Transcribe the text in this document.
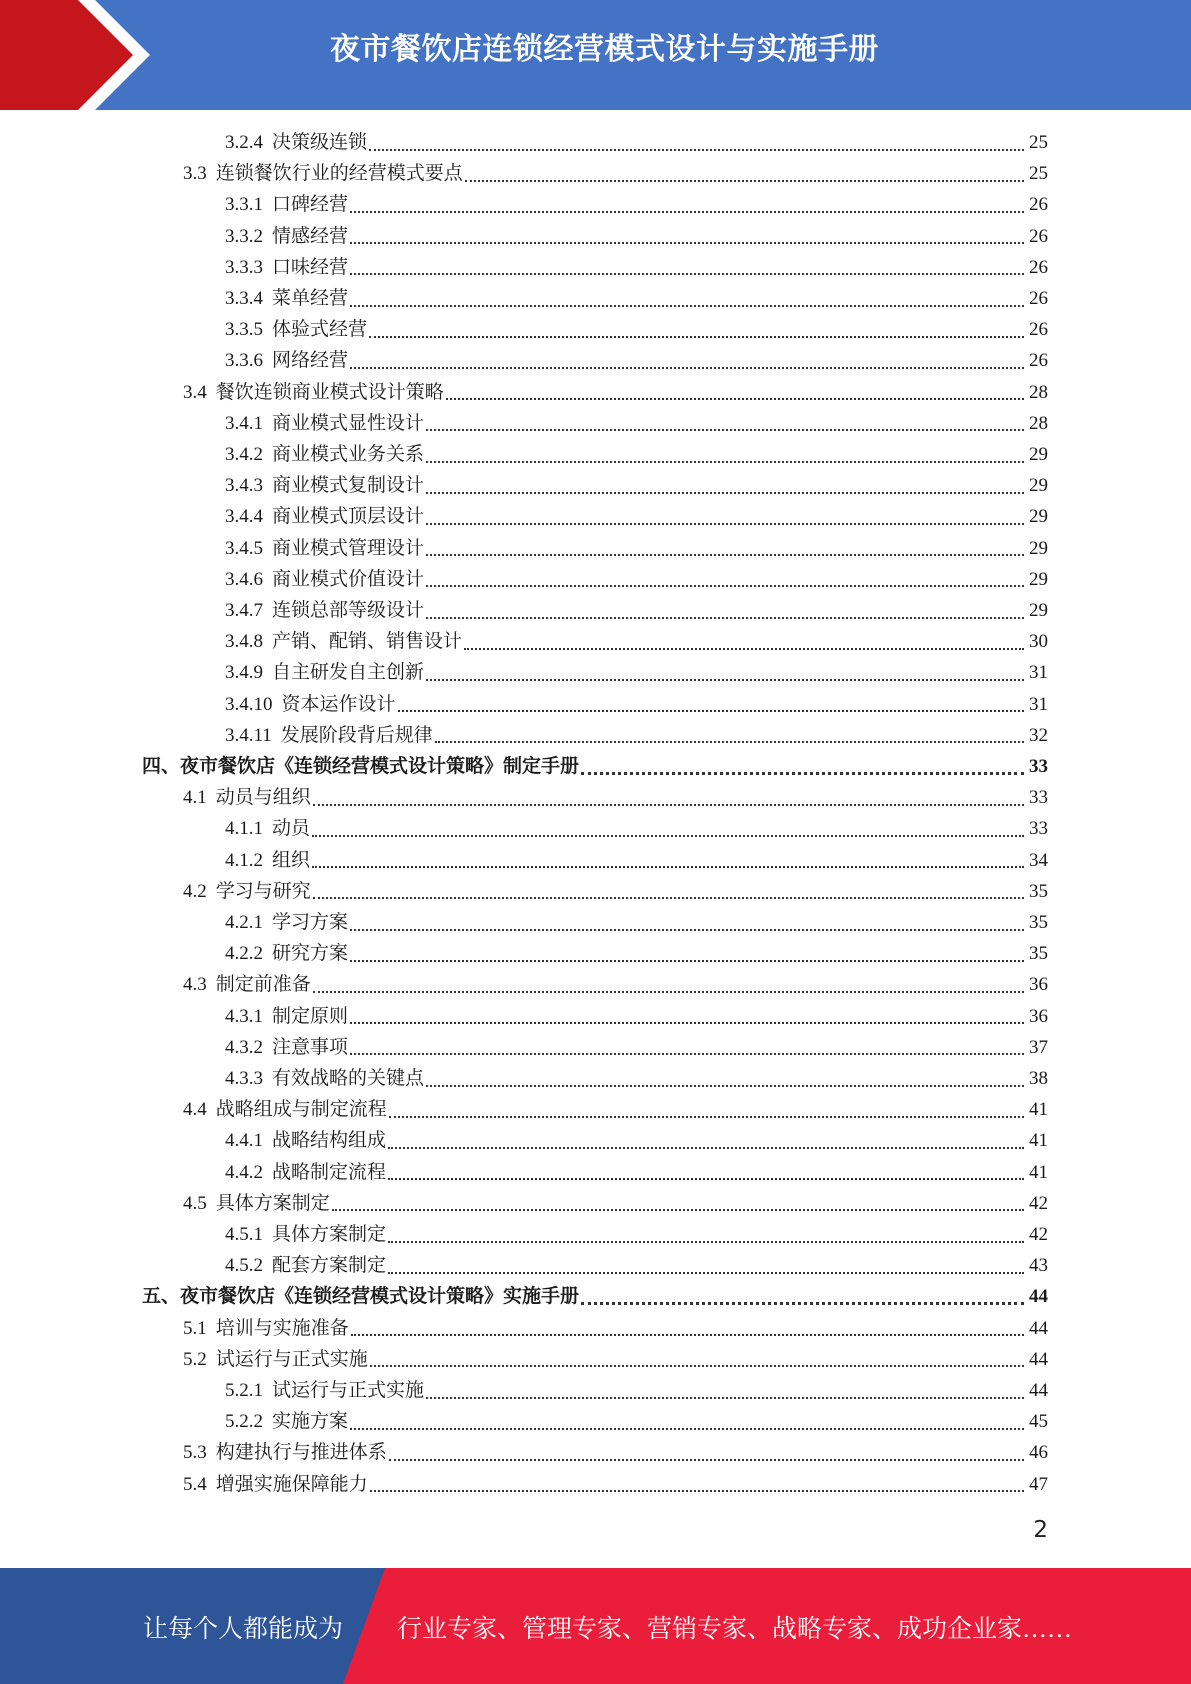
夜市餐饮店连锁经营模式设计与实施手册
3.2.4 决策级连锁	25
3.3 连锁餐饮行业的经营模式要点	25
3.3.1 口碑经营	26
3.3.2 情感经营	26
3.3.3 口味经营	26
3.3.4 菜单经营	26
3.3.5 体验式经营	26
3.3.6 网络经营	26
3.4 餐饮连锁商业模式设计策略	28
3.4.1 商业模式显性设计	28
3.4.2 商业模式业务关系	29
3.4.3 商业模式复制设计	29
3.4.4 商业模式顶层设计	29
3.4.5 商业模式管理设计	29
3.4.6 商业模式价值设计	29
3.4.7 连锁总部等级设计	29
3.4.8 产销、配销、销售设计	30
3.4.9 自主研发自主创新	31
3.4.10 资本运作设计	31
3.4.11 发展阶段背后规律	32
四、夜市餐饮店《连锁经营模式设计策略》制定手册	33
4.1 动员与组织	33
4.1.1 动员	33
4.1.2 组织	34
4.2 学习与研究	35
4.2.1 学习方案	35
4.2.2 研究方案	35
4.3 制定前准备	36
4.3.1 制定原则	36
4.3.2 注意事项	37
4.3.3 有效战略的关键点	38
4.4 战略组成与制定流程	41
4.4.1 战略结构组成	41
4.4.2 战略制定流程	41
4.5 具体方案制定	42
4.5.1 具体方案制定	42
4.5.2 配套方案制定	43
五、夜市餐饮店《连锁经营模式设计策略》实施手册	44
5.1 培训与实施准备	44
5.2 试运行与正式实施	44
5.2.1 试运行与正式实施	44
5.2.2 实施方案	45
5.3 构建执行与推进体系	46
5.4 增强实施保障能力	47
2
让每个人都能成为 行业专家、管理专家、营销专家、战略专家、成功企业家……
